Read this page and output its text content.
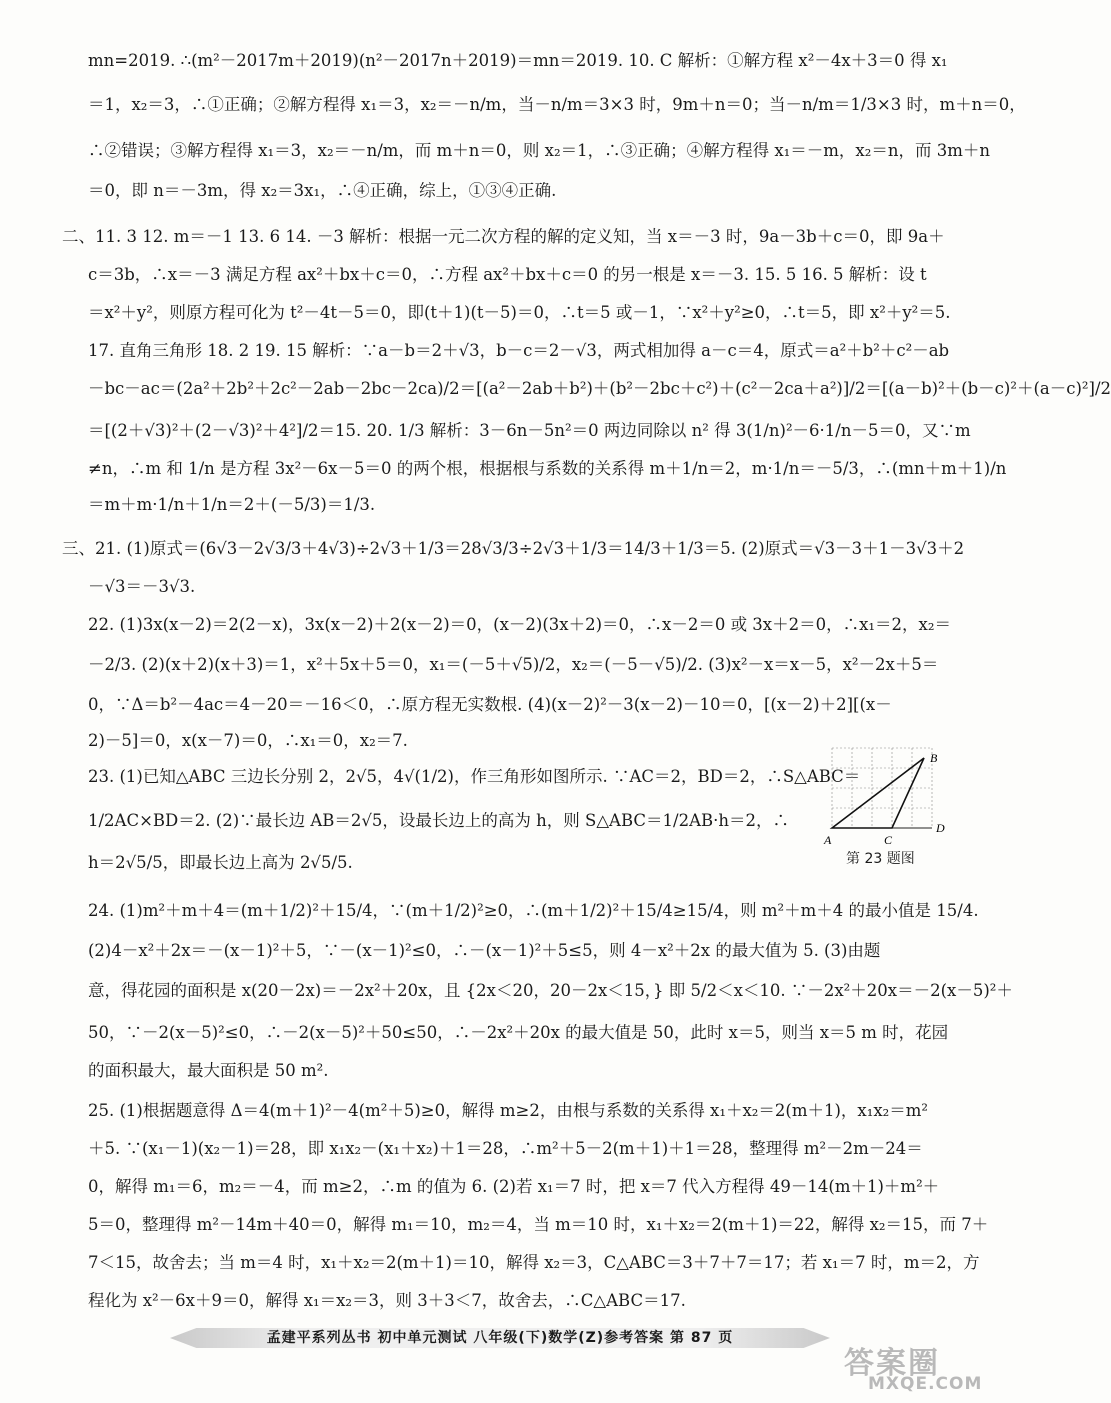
mn=2019. ∴(m²－2017m＋2019)(n²－2017n＋2019)＝mn＝2019. 10. C 解析：①解方程 x²－4x＋3＝0 得 x₁
＝1，x₂＝3，∴①正确；②解方程得 x₁＝3，x₂＝－n/m，当－n/m＝3×3 时，9m＋n＝0；当－n/m＝1/3×3 时，m＋n＝0，
∴②错误；③解方程得 x₁＝3，x₂＝－n/m，而 m＋n＝0，则 x₂＝1，∴③正确；④解方程得 x₁＝－m，x₂＝n，而 3m＋n
＝0，即 n＝－3m，得 x₂＝3x₁，∴④正确，综上，①③④正确.
二、11. 3 12. m＝－1 13. 6 14. －3 解析：根据一元二次方程的解的定义知，当 x＝－3 时，9a－3b＋c＝0，即 9a＋
c＝3b，∴x＝－3 满足方程 ax²＋bx＋c＝0，∴方程 ax²＋bx＋c＝0 的另一根是 x＝－3. 15. 5 16. 5 解析：设 t
＝x²＋y²，则原方程可化为 t²－4t－5＝0，即(t＋1)(t－5)＝0，∴t＝5 或－1，∵x²＋y²≥0，∴t＝5，即 x²＋y²＝5.
17. 直角三角形 18. 2 19. 15 解析：∵a－b＝2＋√3，b－c＝2－√3，两式相加得 a－c＝4，原式＝a²＋b²＋c²－ab
－bc－ac＝(2a²＋2b²＋2c²－2ab－2bc－2ca)/2＝[(a²－2ab＋b²)＋(b²－2bc＋c²)＋(c²－2ca＋a²)]/2＝[(a－b)²＋(b－c)²＋(a－c)²]/2
＝[(2＋√3)²＋(2－√3)²＋4²]/2＝15. 20. 1/3 解析：3－6n－5n²＝0 两边同除以 n² 得 3(1/n)²－6·1/n－5＝0，又∵m
≠n，∴m 和 1/n 是方程 3x²－6x－5＝0 的两个根，根据根与系数的关系得 m＋1/n＝2，m·1/n＝－5/3，∴(mn＋m＋1)/n
＝m＋m·1/n＋1/n＝2＋(－5/3)＝1/3.
三、21. (1)原式＝(6√3－2√3/3＋4√3)÷2√3＋1/3＝28√3/3÷2√3＋1/3＝14/3＋1/3＝5. (2)原式＝√3－3＋1－3√3＋2
－√3＝－3√3.
22. (1)3x(x－2)＝2(2－x)，3x(x－2)＋2(x－2)＝0，(x－2)(3x＋2)＝0，∴x－2＝0 或 3x＋2＝0，∴x₁＝2，x₂＝
－2/3. (2)(x＋2)(x＋3)＝1，x²＋5x＋5＝0，x₁＝(－5＋√5)/2，x₂＝(－5－√5)/2. (3)x²－x＝x－5，x²－2x＋5＝
0，∵Δ＝b²－4ac＝4－20＝－16＜0，∴原方程无实数根. (4)(x－2)²－3(x－2)－10＝0，[(x－2)＋2][(x－
2)－5]＝0，x(x－7)＝0，∴x₁＝0，x₂＝7.
23. (1)已知△ABC 三边长分别 2，2√5，4√(1/2)，作三角形如图所示. ∵AC＝2，BD＝2，∴S△ABC＝
1/2AC×BD＝2. (2)∵最长边 AB＝2√5，设最长边上的高为 h，则 S△ABC＝1/2AB·h＝2，∴
h＝2√5/5，即最长边上高为 2√5/5.
24. (1)m²＋m＋4＝(m＋1/2)²＋15/4，∵(m＋1/2)²≥0，∴(m＋1/2)²＋15/4≥15/4，则 m²＋m＋4 的最小值是 15/4.
(2)4－x²＋2x＝－(x－1)²＋5，∵－(x－1)²≤0，∴－(x－1)²＋5≤5，则 4－x²＋2x 的最大值为 5. (3)由题
意，得花园的面积是 x(20－2x)＝－2x²＋20x，且 {2x＜20，20－2x＜15，} 即 5/2＜x＜10. ∵－2x²＋20x＝－2(x－5)²＋
50，∵－2(x－5)²≤0，∴－2(x－5)²＋50≤50，∴－2x²＋20x 的最大值是 50，此时 x＝5，则当 x＝5 m 时，花园
的面积最大，最大面积是 50 m².
25. (1)根据题意得 Δ＝4(m＋1)²－4(m²＋5)≥0，解得 m≥2，由根与系数的关系得 x₁＋x₂＝2(m＋1)，x₁x₂＝m²
＋5. ∵(x₁－1)(x₂－1)＝28，即 x₁x₂－(x₁＋x₂)＋1＝28，∴m²＋5－2(m＋1)＋1＝28，整理得 m²－2m－24＝
0，解得 m₁＝6，m₂＝－4，而 m≥2，∴m 的值为 6. (2)若 x₁＝7 时，把 x＝7 代入方程得 49－14(m＋1)＋m²＋
5＝0，整理得 m²－14m＋40＝0，解得 m₁＝10，m₂＝4，当 m＝10 时，x₁＋x₂＝2(m＋1)＝22，解得 x₂＝15，而 7＋
7＜15，故舍去；当 m＝4 时，x₁＋x₂＝2(m＋1)＝10，解得 x₂＝3，C△ABC＝3＋7＋7＝17；若 x₁＝7 时，m＝2，方
程化为 x²－6x＋9＝0，解得 x₁＝x₂＝3，则 3＋3＜7，故舍去，∴C△ABC＝17.
A
B
C
D
第 23 题图
孟建平系列丛书 初中单元测试 八年级(下)数学(Z)参考答案 第 87 页
答案圈
MXQE.COM
